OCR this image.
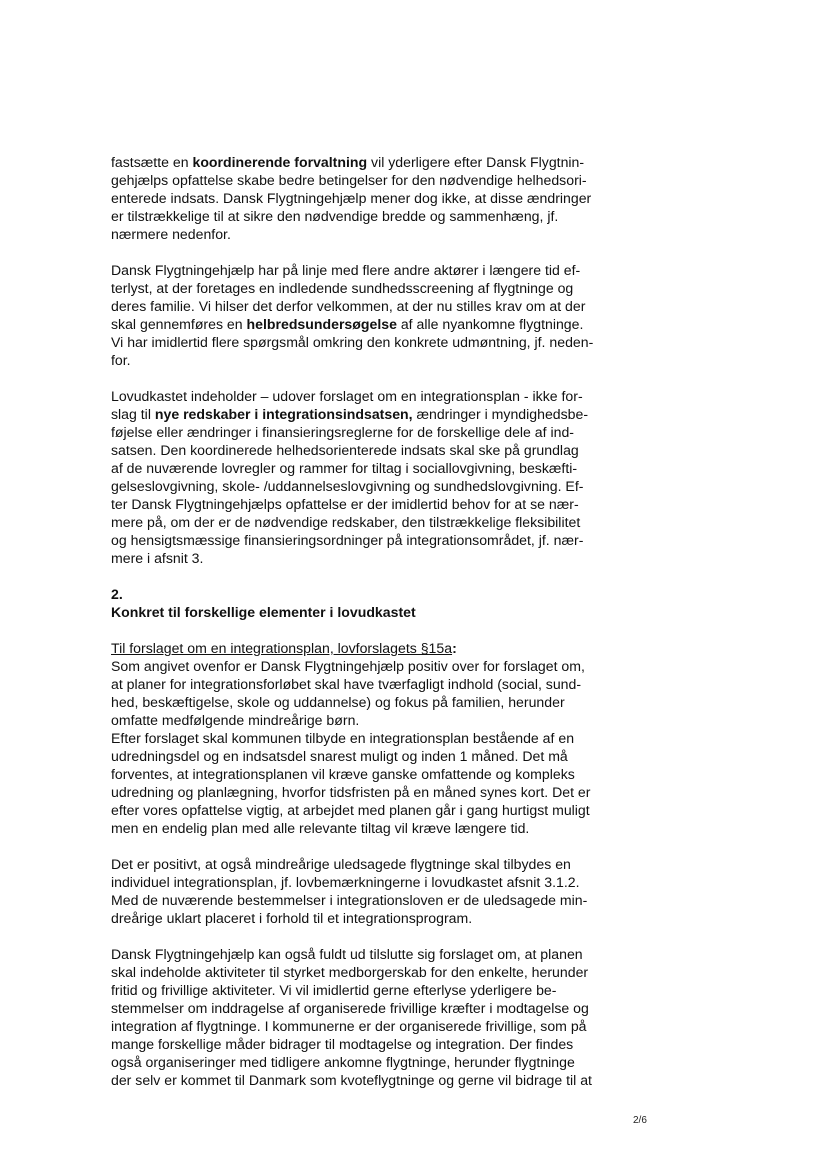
fastsætte en koordinerende forvaltning vil yderligere efter Dansk Flygtnin-
gehjælps opfattelse skabe bedre betingelser for den nødvendige helhedsori-
enterede indsats. Dansk Flygtningehjælp mener dog ikke, at disse ændringer
er tilstrækkelige til at sikre den nødvendige bredde og sammenhæng, jf.
nærmere nedenfor.
Dansk Flygtningehjælp har på linje med flere andre aktører i længere tid ef-
terlyst, at der foretages en indledende sundhedsscreening af flygtninge og
deres familie. Vi hilser det derfor velkommen, at der nu stilles krav om at der
skal gennemføres en helbredsundersøgelse af alle nyankomne flygtninge.
Vi har imidlertid flere spørgsmål omkring den konkrete udmøntning, jf. neden-
for.
Lovudkastet indeholder – udover forslaget om en integrationsplan - ikke for-
slag til nye redskaber i integrationsindsatsen, ændringer i myndighedsbe-
føjelse eller ændringer i finansieringsreglerne for de forskellige dele af ind-
satsen. Den koordinerede helhedsorienterede indsats skal ske på grundlag
af de nuværende lovregler og rammer for tiltag i sociallovgivning, beskæfti-
gelseslovgivning, skole- /uddannelseslovgivning og sundhedslovgivning. Ef-
ter Dansk Flygtningehjælps opfattelse er der imidlertid behov for at se nær-
mere på, om der er de nødvendige redskaber, den tilstrækkelige fleksibilitet
og hensigtsmæssige finansieringsordninger på integrationsområdet, jf. nær-
mere i afsnit 3.
2.
Konkret til forskellige elementer i lovudkastet
Til forslaget om en integrationsplan, lovforslagets §15a:
Som angivet ovenfor er Dansk Flygtningehjælp positiv over for forslaget om,
at planer for integrationsforløbet skal have tværfagligt indhold (social, sund-
hed, beskæftigelse, skole og uddannelse) og fokus på familien, herunder
omfatte medfølgende mindreårige børn.
Efter forslaget skal kommunen tilbyde en integrationsplan bestående af en
udredningsdel og en indsatsdel snarest muligt og inden 1 måned. Det må
forventes, at integrationsplanen vil kræve ganske omfattende og kompleks
udredning og planlægning, hvorfor tidsfristen på en måned synes kort. Det er
efter vores opfattelse vigtig, at arbejdet med planen går i gang hurtigst muligt
men en endelig plan med alle relevante tiltag vil kræve længere tid.
Det er positivt, at også mindreårige uledsagede flygtninge skal tilbydes en
individuel integrationsplan, jf. lovbemærkningerne i lovudkastet afsnit 3.1.2.
Med de nuværende bestemmelser i integrationsloven er de uledsagede min-
dreårige uklart placeret i forhold til et integrationsprogram.
Dansk Flygtningehjælp kan også fuldt ud tilslutte sig forslaget om, at planen
skal indeholde aktiviteter til styrket medborgerskab for den enkelte, herunder
fritid og frivillige aktiviteter. Vi vil imidlertid gerne efterlyse yderligere be-
stemmelser om inddragelse af organiserede frivillige kræfter i modtagelse og
integration af flygtninge. I kommunerne er der organiserede frivillige, som på
mange forskellige måder bidrager til modtagelse og integration. Der findes
også organiseringer med tidligere ankomne flygtninge, herunder flygtninge
der selv er kommet til Danmark som kvoteflygtninge og gerne vil bidrage til at
2/6
